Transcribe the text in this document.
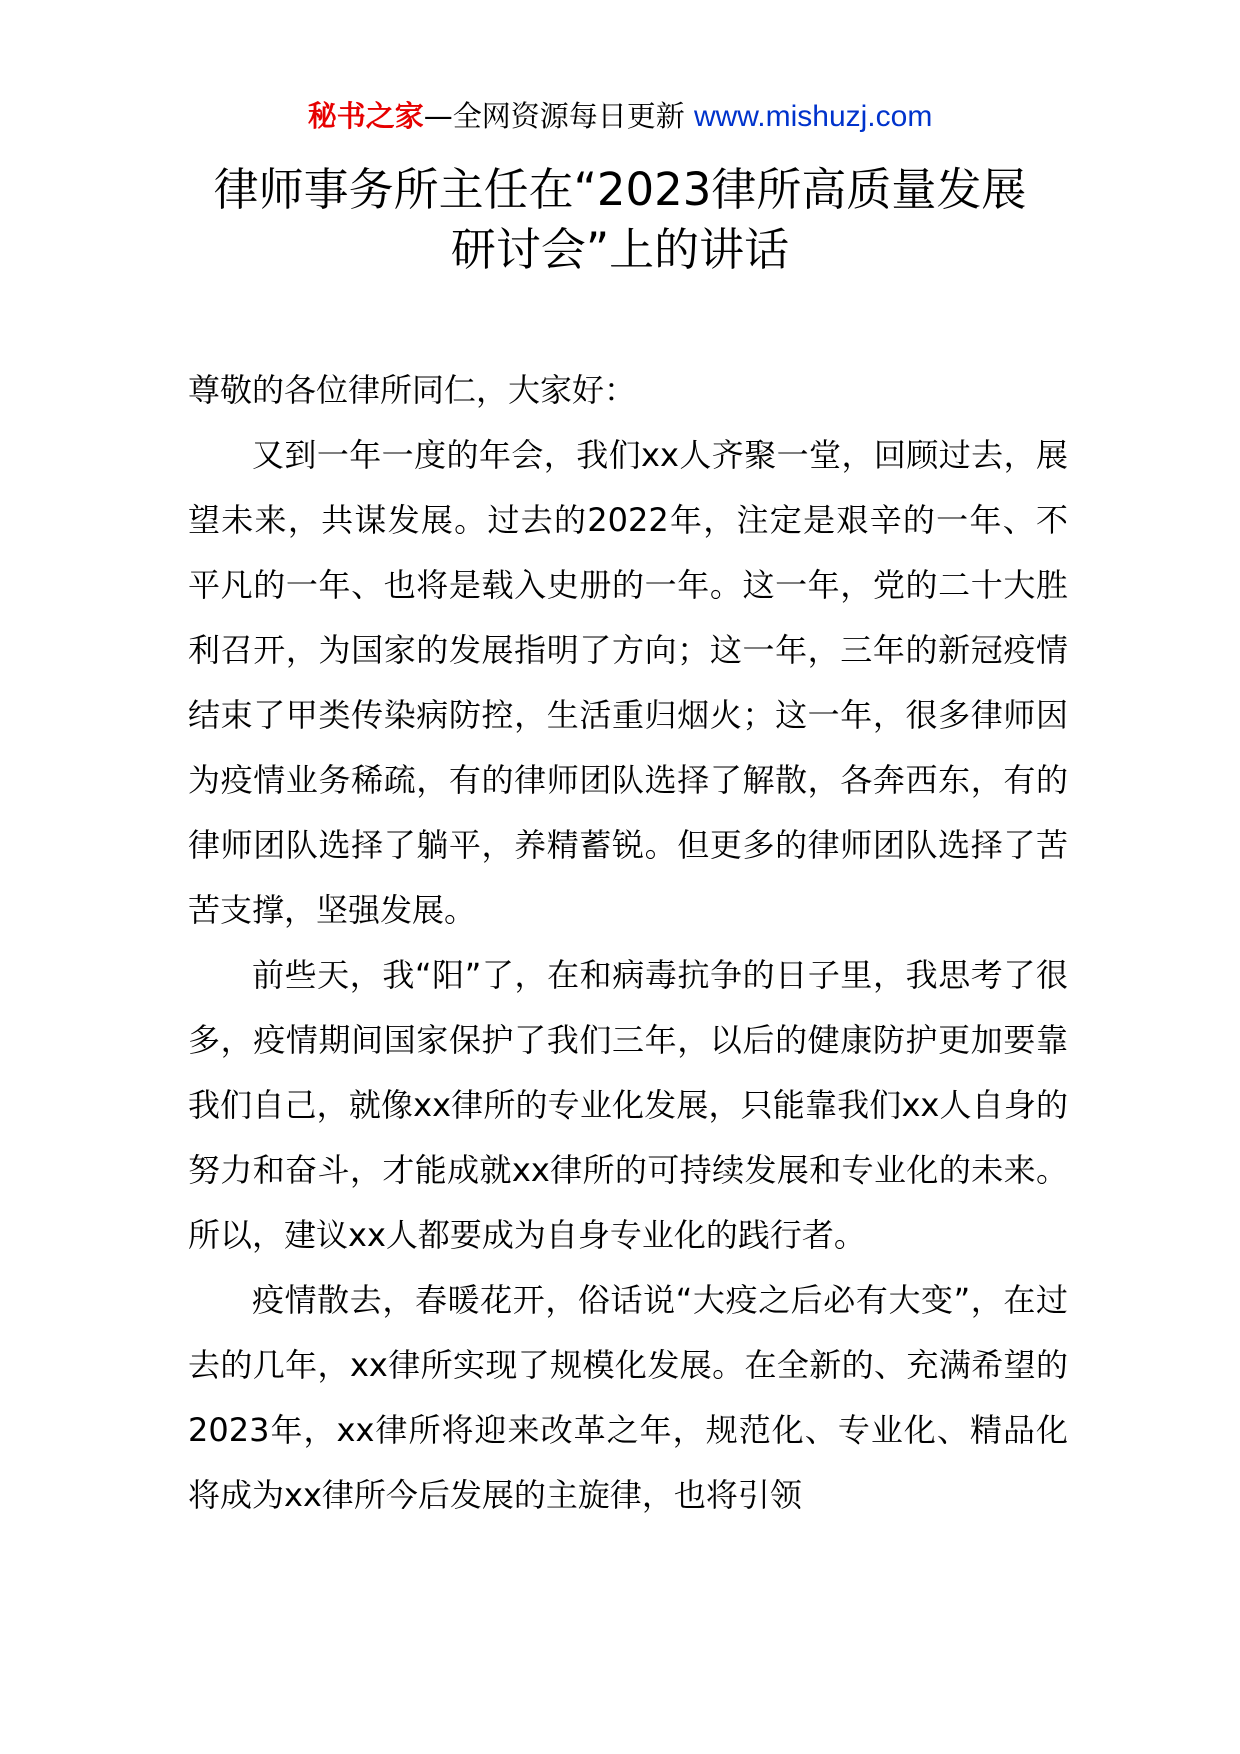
秘书之家—全网资源每日更新 www.mishuzj.com
律师事务所主任在“2023律所高质量发展
研讨会”上的讲话

尊敬的各位律所同仁，大家好：

又到一年一度的年会，我们xx人齐聚一堂，回顾过去，展望未来，共谋发展。过去的2022年，注定是艰辛的一年、不平凡的一年、也将是载入史册的一年。这一年，党的二十大胜利召开，为国家的发展指明了方向；这一年，三年的新冠疫情结束了甲类传染病防控，生活重归烟火；这一年，很多律师因为疫情业务稀疏，有的律师团队选择了解散，各奔西东，有的律师团队选择了躺平，养精蓄锐。但更多的律师团队选择了苦苦支撑，坚强发展。

前些天，我“阳”了，在和病毒抗争的日子里，我思考了很多，疫情期间国家保护了我们三年，以后的健康防护更加要靠我们自己，就像xx律所的专业化发展，只能靠我们xx人自身的努力和奋斗，才能成就xx律所的可持续发展和专业化的未来。所以，建议xx人都要成为自身专业化的践行者。

疫情散去，春暖花开，俗话说“大疫之后必有大变”，在过去的几年，xx律所实现了规模化发展。在全新的、充满希望的2023年，xx律所将迎来改革之年，规范化、专业化、精品化将成为xx律所今后发展的主旋律，也将引领
